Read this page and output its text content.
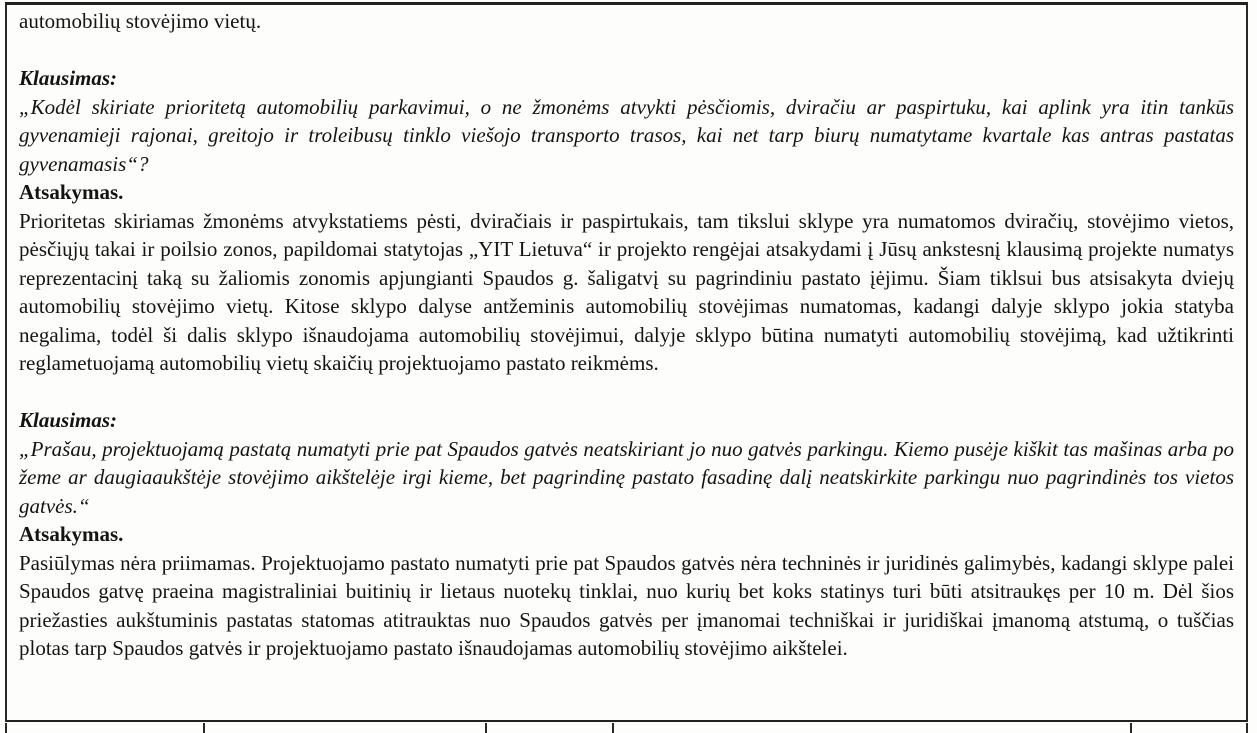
automobilių stovėjimo vietų.

Klausimas:

„Kodėl skiriate prioritetą automobilių parkavimui, o ne žmonėms atvykti pėsčiomis, dviračiu ar paspirtuku, kai aplink yra itin tankūs gyvenamieji rajonai, greitojo ir troleibusų tinklo viešojo transporto trasos, kai net tarp biurų numatytame kvartale kas antras pastatas gyvenamasis“?

Atsakymas.

Prioritetas skiriamas žmonėms atvykstatiems pėsti, dviračiais ir paspirtukais, tam tikslui sklype yra numatomos dviračių, stovėjimo vietos, pėsčiųjų takai ir poilsio zonos, papildomai statytojas „YIT Lietuva“ ir projekto rengėjai atsakydami į Jūsų ankstesnį klausimą projekte numatys reprezentacinį taką su žaliomis zonomis apjungianti Spaudos g. šaligatvį su pagrindiniu pastato įėjimu. Šiam tiklsui bus atsisakyta dviejų automobilių stovėjimo vietų. Kitose sklypo dalyse antžeminis automobilių stovėjimas numatomas, kadangi dalyje sklypo jokia statyba negalima, todėl ši dalis sklypo išnaudojama automobilių stovėjimui, dalyje sklypo būtina numatyti automobilių stovėjimą, kad užtikrinti reglametuojamą automobilių vietų skaičių projektuojamo pastato reikmėms.

Klausimas:

„Prašau, projektuojamą pastatą numatyti prie pat Spaudos gatvės neatskiriant jo nuo gatvės parkingu. Kiemo pusėje kiškit tas mašinas arba po žeme ar daugiaaukštėje stovėjimo aikštelėje irgi kieme, bet pagrindinę pastato fasadinę dalį neatskirkite parkingu nuo pagrindinės tos vietos gatvės.“

Atsakymas.

Pasiūlymas nėra priimamas. Projektuojamo pastato numatyti prie pat Spaudos gatvės nėra techninės ir juridinės galimybės, kadangi sklype palei Spaudos gatvę praeina magistraliniai buitinių ir lietaus nuotekų tinklai, nuo kurių bet koks statinys turi būti atsitraukęs per 10 m. Dėl šios priežasties aukštuminis pastatas statomas atitrauktas nuo Spaudos gatvės per įmanomai techniškai ir juridiškai įmanomą atstumą, o tuščias plotas tarp Spaudos gatvės ir projektuojamo pastato išnaudojamas automobilių stovėjimo aikštelei.
